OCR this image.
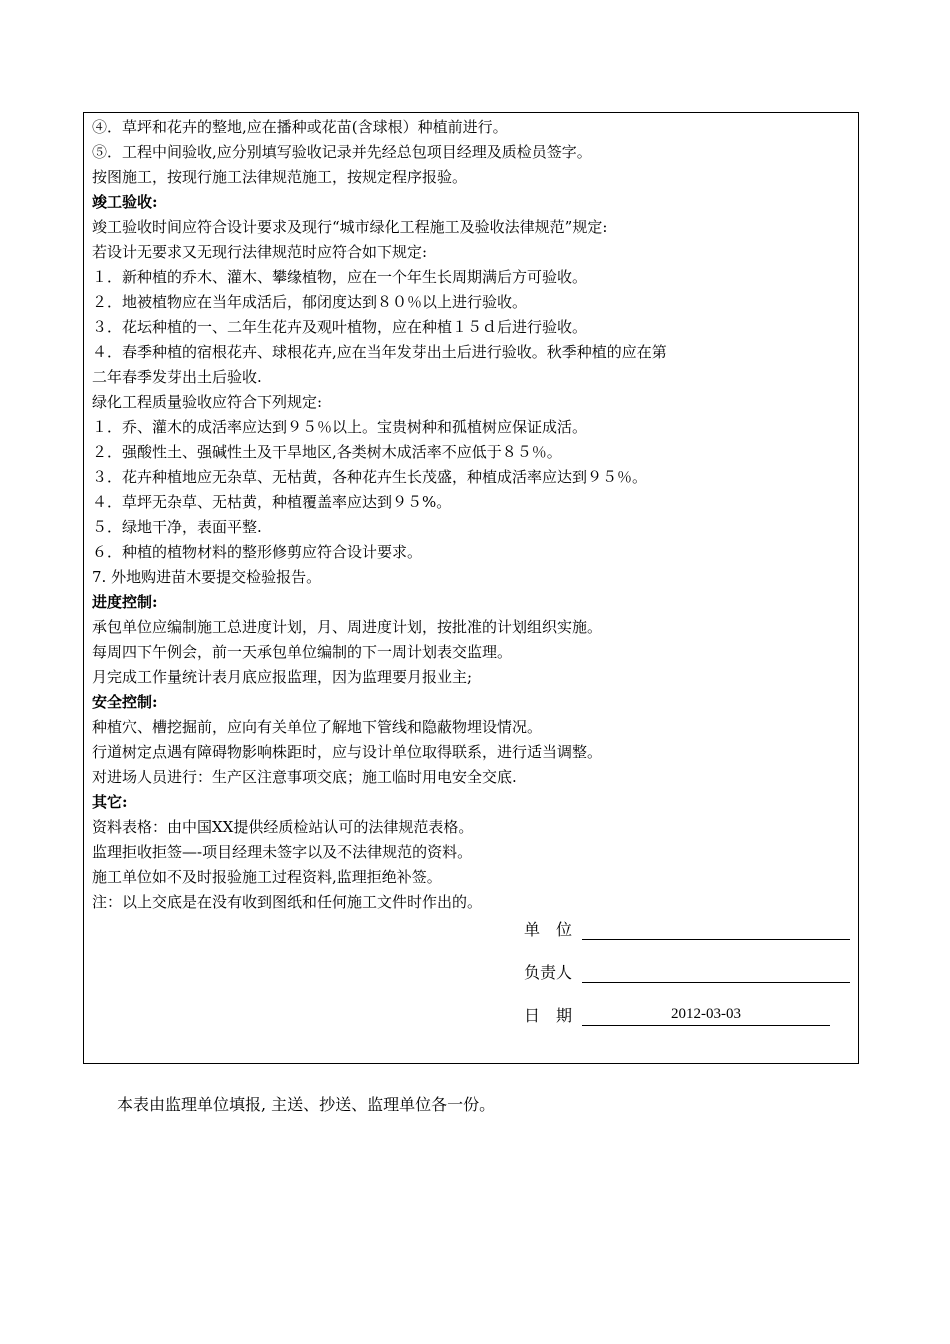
④．草坪和花卉的整地,应在播种或花苗(含球根）种植前进行。
⑤．工程中间验收,应分别填写验收记录并先经总包项目经理及质检员签字。
按图施工，按现行施工法律规范施工，按规定程序报验。
竣工验收:
竣工验收时间应符合设计要求及现行“城市绿化工程施工及验收法律规范”规定:
若设计无要求又无现行法律规范时应符合如下规定:
１．新种植的乔木、灌木、攀缘植物，应在一个年生长周期满后方可验收。
２．地被植物应在当年成活后，郁闭度达到８０％以上进行验收。
３．花坛种植的一、二年生花卉及观叶植物，应在种植１５ｄ后进行验收。
４．春季种植的宿根花卉、球根花卉,应在当年发芽出土后进行验收。秋季种植的应在第
二年春季发芽出土后验收.
绿化工程质量验收应符合下列规定:
１．乔、灌木的成活率应达到９５％以上。宝贵树种和孤植树应保证成活。
２．强酸性土、强碱性土及干旱地区,各类树木成活率不应低于８５％。
３．花卉种植地应无杂草、无枯黄，各种花卉生长茂盛，种植成活率应达到９５％。
４．草坪无杂草、无枯黄，种植覆盖率应达到９５%。
５．绿地干净，表面平整.
６．种植的植物材料的整形修剪应符合设计要求。
7. 外地购进苗木要提交检验报告。
进度控制:
承包单位应编制施工总进度计划，月、周进度计划，按批准的计划组织实施。
每周四下午例会，前一天承包单位编制的下一周计划表交监理。
月完成工作量统计表月底应报监理，因为监理要月报业主;
安全控制:
种植穴、槽挖掘前，应向有关单位了解地下管线和隐蔽物埋设情况。
行道树定点遇有障碍物影响株距时，应与设计单位取得联系，进行适当调整。
对进场人员进行：生产区注意事项交底；施工临时用电安全交底.
其它:
资料表格：由中国XX提供经质检站认可的法律规范表格。
监理拒收拒签—-项目经理未签字以及不法律规范的资料。
施工单位如不及时报验施工过程资料,监理拒绝补签。
注：以上交底是在没有收到图纸和任何施工文件时作出的。
单　位
负责人
日　期	2012-03-03
本表由监理单位填报, 主送、抄送、监理单位各一份。
